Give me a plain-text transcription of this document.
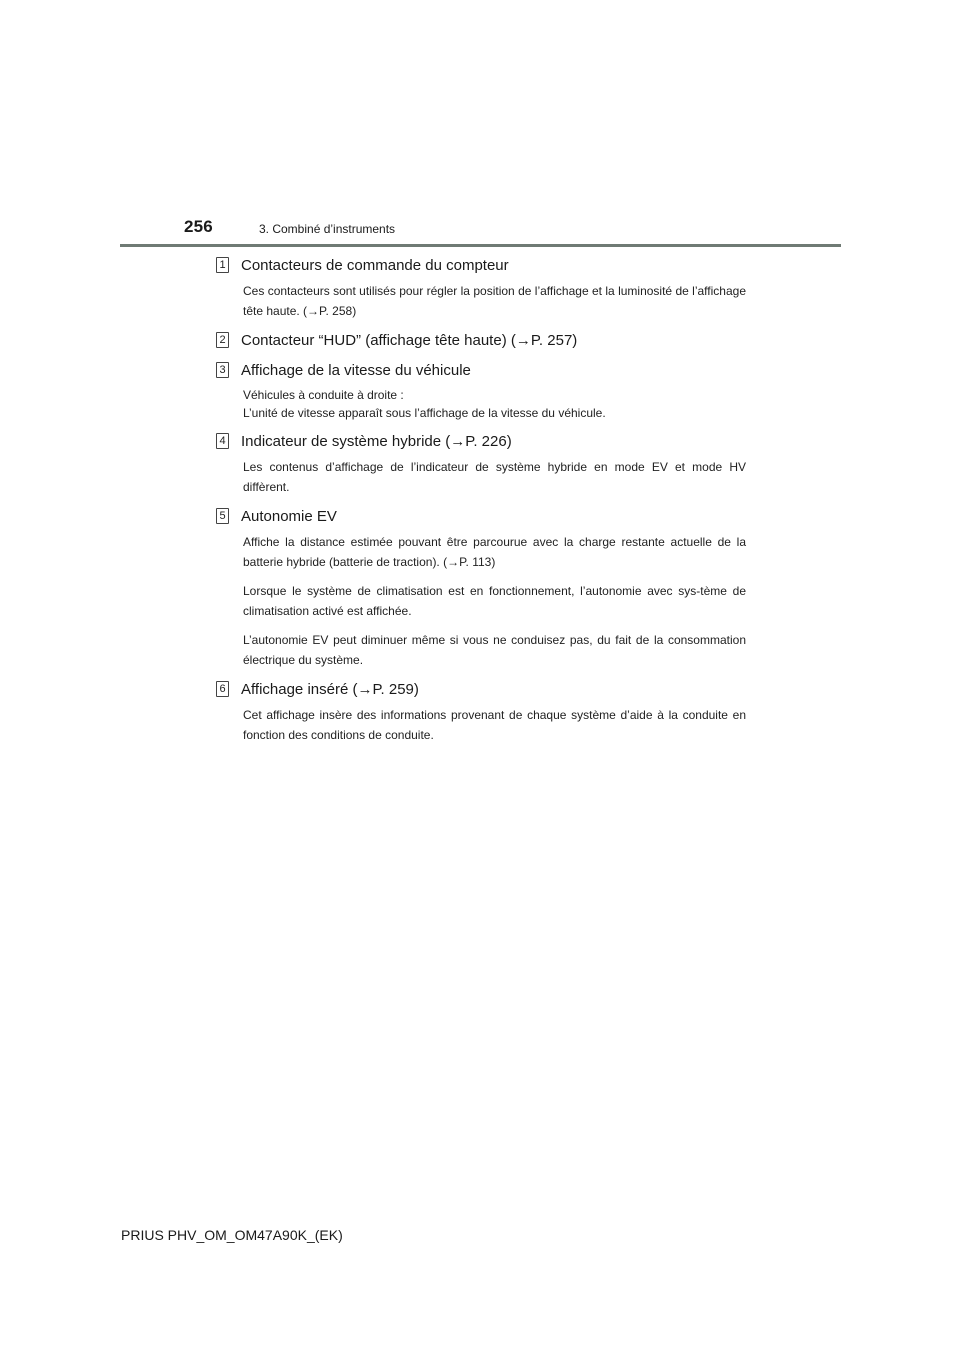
256	3. Combiné d’instruments
1 Contacteurs de commande du compteur

Ces contacteurs sont utilisés pour régler la position de l’affichage et la luminosité de l’affichage tête haute. (→P. 258)

2 Contacteur “HUD” (affichage tête haute) (→P. 257)
3 Affichage de la vitesse du véhicule

Véhicules à conduite à droite :
L’unité de vitesse apparaît sous l’affichage de la vitesse du véhicule.

4 Indicateur de système hybride (→P. 226)

Les contenus d’affichage de l’indicateur de système hybride en mode EV et mode HV diffèrent.

5 Autonomie EV

Affiche la distance estimée pouvant être parcourue avec la charge restante actuelle de la batterie hybride (batterie de traction). (→P. 113)

Lorsque le système de climatisation est en fonctionnement, l’autonomie avec sys-tème de climatisation activé est affichée.

L’autonomie EV peut diminuer même si vous ne conduisez pas, du fait de la consommation électrique du système.

6 Affichage inséré (→P. 259)

Cet affichage insère des informations provenant de chaque système d’aide à la conduite en fonction des conditions de conduite.

PRIUS PHV_OM_OM47A90K_(EK)
